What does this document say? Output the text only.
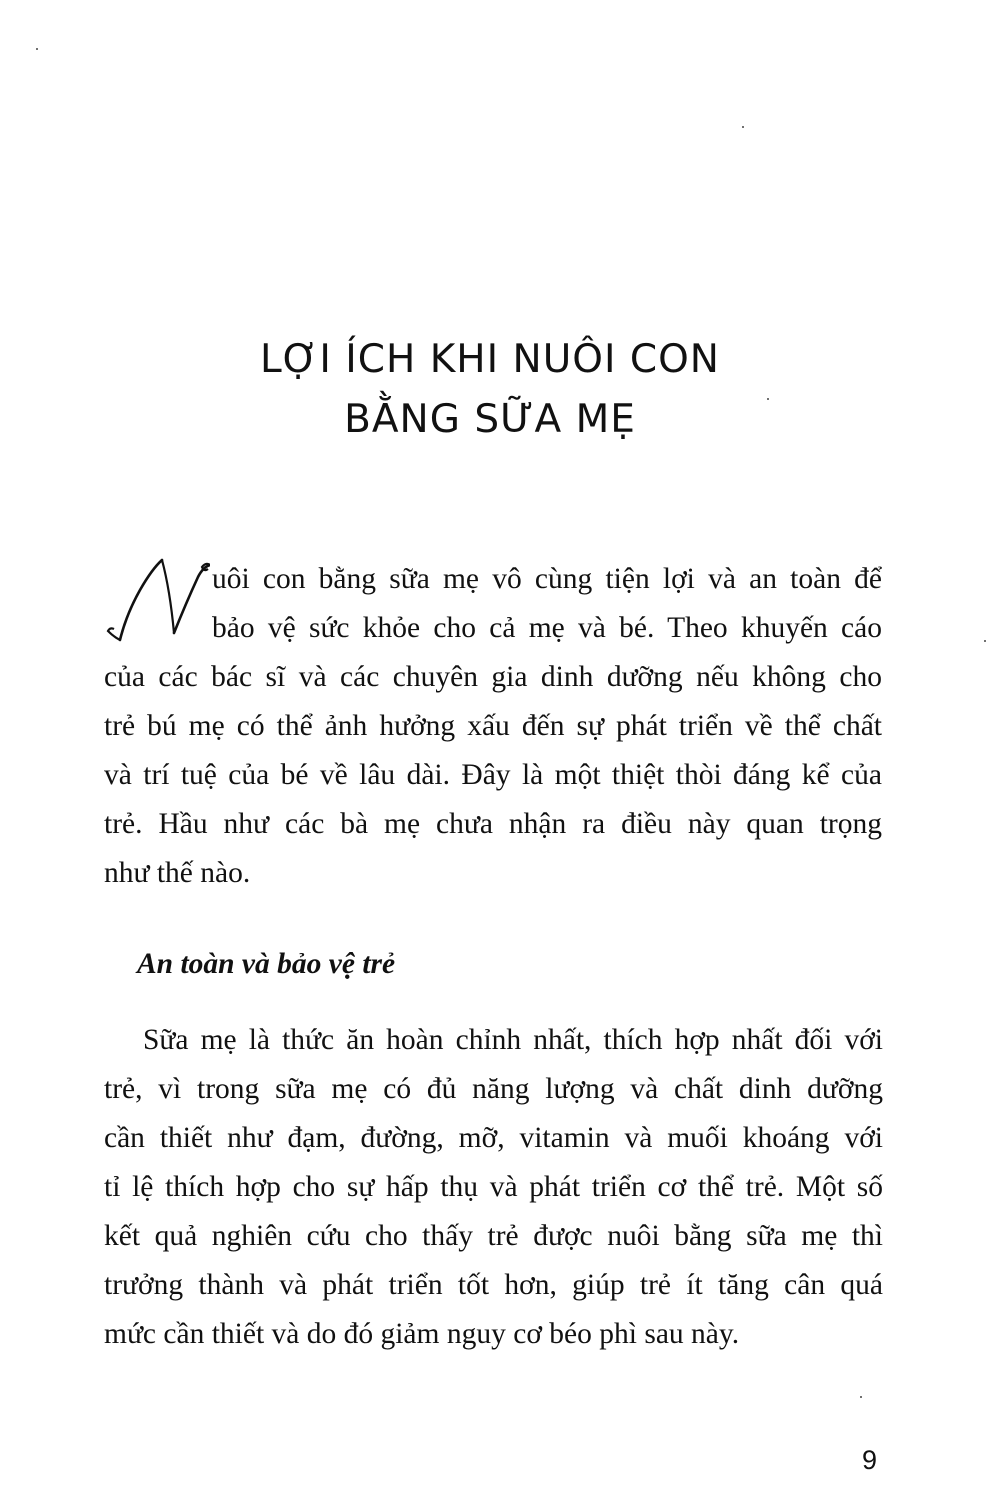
LỢI ÍCH KHI NUÔI CON
BẰNG SỮA MẸ
uôi con bằng sữa mẹ vô cùng tiện lợi và an toàn để
bảo vệ sức khỏe cho cả mẹ và bé. Theo khuyến cáo
của các bác sĩ và các chuyên gia dinh dưỡng nếu không cho
trẻ bú mẹ có thể ảnh hưởng xấu đến sự phát triển về thể chất
và trí tuệ của bé về lâu dài. Đây là một thiệt thòi đáng kể của
trẻ. Hầu như các bà mẹ chưa nhận ra điều này quan trọng
như thế nào.
An toàn và bảo vệ trẻ
Sữa mẹ là thức ăn hoàn chỉnh nhất, thích hợp nhất đối với
trẻ, vì trong sữa mẹ có đủ năng lượng và chất dinh dưỡng
cần thiết như đạm, đường, mỡ, vitamin và muối khoáng với
tỉ lệ thích hợp cho sự hấp thụ và phát triển cơ thể trẻ. Một số
kết quả nghiên cứu cho thấy trẻ được nuôi bằng sữa mẹ thì
trưởng thành và phát triển tốt hơn, giúp trẻ ít tăng cân quá
mức cần thiết và do đó giảm nguy cơ béo phì sau này.
9
